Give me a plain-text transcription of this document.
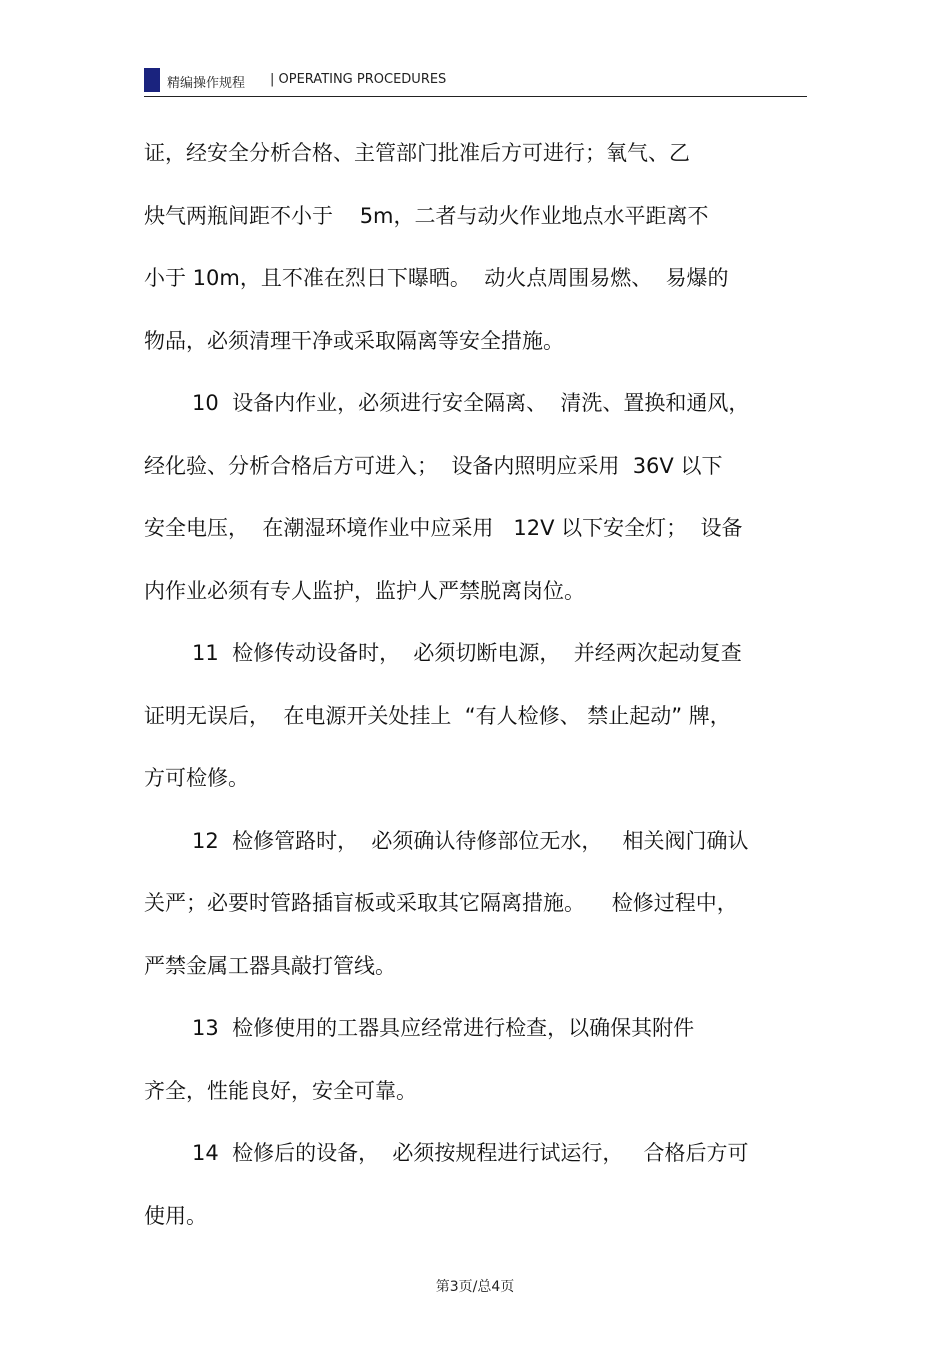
精编操作规程 | OPERATING PROCEDURES
证，经安全分析合格、主管部门批准后方可进行；氧气、乙
炔气两瓶间距不小于    5m，二者与动火作业地点水平距离不
小于 10m，且不准在烈日下曝晒。  动火点周围易燃、  易爆的
物品，必须清理干净或采取隔离等安全措施。
10  设备内作业，必须进行安全隔离、  清洗、置换和通风，
经化验、分析合格后方可进入；  设备内照明应采用  36V 以下
安全电压，  在潮湿环境作业中应采用   12V 以下安全灯；  设备
内作业必须有专人监护，监护人严禁脱离岗位。
11  检修传动设备时，  必须切断电源，  并经两次起动复查
证明无误后，  在电源开关处挂上  “有人检修、 禁止起动” 牌，
方可检修。
12  检修管路时，  必须确认待修部位无水，   相关阀门确认
关严；必要时管路插盲板或采取其它隔离措施。    检修过程中，
严禁金属工器具敲打管线。
13  检修使用的工器具应经常进行检查，以确保其附件
齐全，性能良好，安全可靠。
14  检修后的设备，  必须按规程进行试运行，   合格后方可
使用。
第3页/总4页
